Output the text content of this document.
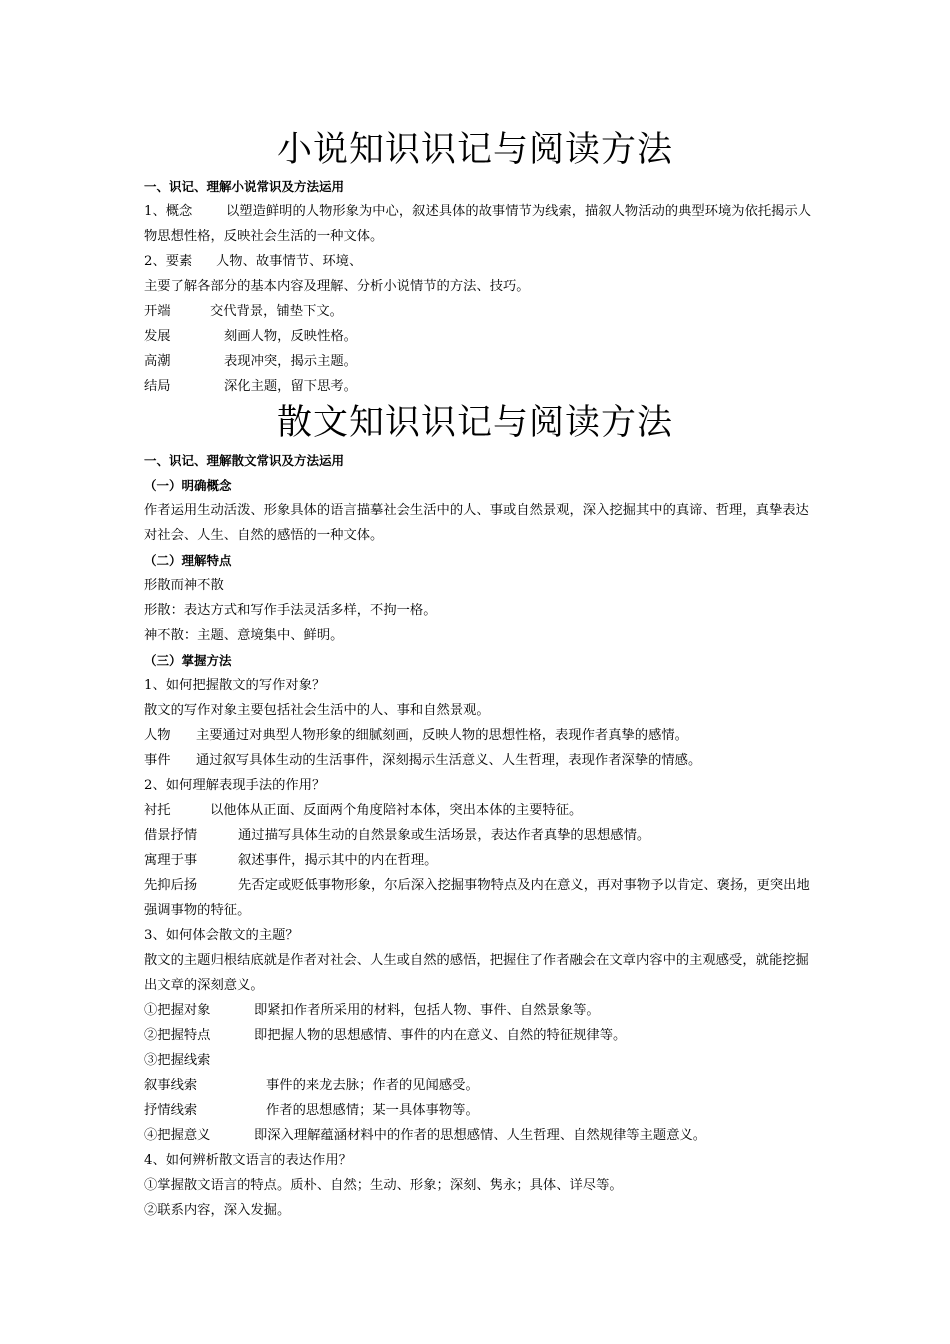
小说知识识记与阅读方法
一、识记、理解小说常识及方法运用
1、概念	以塑造鲜明的人物形象为中心，叙述具体的故事情节为线索，描叙人物活动的典型环境为依托揭示人物思想性格，反映社会生活的一种文体。
2、要素 人物、故事情节、环境、
主要了解各部分的基本内容及理解、分析小说情节的方法、技巧。
开端	交代背景，铺垫下文。
发展	刻画人物，反映性格。
高潮	表现冲突，揭示主题。
结局	深化主题，留下思考。
散文知识识记与阅读方法
一、识记、理解散文常识及方法运用
（一）明确概念
作者运用生动活泼、形象具体的语言描摹社会生活中的人、事或自然景观，深入挖掘其中的真谛、哲理，真挚表达对社会、人生、自然的感悟的一种文体。
（二）理解特点
形散而神不散
形散：表达方式和写作手法灵活多样，不拘一格。
神不散：主题、意境集中、鲜明。
（三）掌握方法
1、如何把握散文的写作对象？
散文的写作对象主要包括社会生活中的人、事和自然景观。
人物 主要通过对典型人物形象的细腻刻画，反映人物的思想性格，表现作者真挚的感情。
事件 通过叙写具体生动的生活事件，深刻揭示生活意义、人生哲理，表现作者深挚的情感。
2、如何理解表现手法的作用？
衬托	以他体从正面、反面两个角度陪衬本体，突出本体的主要特征。
借景抒情	通过描写具体生动的自然景象或生活场景，表达作者真挚的思想感情。
寓理于事	叙述事件，揭示其中的内在哲理。
先抑后扬	先否定或贬低事物形象，尔后深入挖掘事物特点及内在意义，再对事物予以肯定、褒扬，更突出地强调事物的特征。
3、如何体会散文的主题？
散文的主题归根结底就是作者对社会、人生或自然的感悟，把握住了作者融会在文章内容中的主观感受，就能挖掘出文章的深刻意义。
①把握对象	即紧扣作者所采用的材料，包括人物、事件、自然景象等。
②把握特点	即把握人物的思想感情、事件的内在意义、自然的特征规律等。
③把握线索
叙事线索	事件的来龙去脉；作者的见闻感受。
抒情线索	作者的思想感情；某一具体事物等。
④把握意义	即深入理解蕴涵材料中的作者的思想感情、人生哲理、自然规律等主题意义。
4、如何辨析散文语言的表达作用？
①掌握散文语言的特点。质朴、自然；生动、形象；深刻、隽永；具体、详尽等。
②联系内容，深入发掘。
